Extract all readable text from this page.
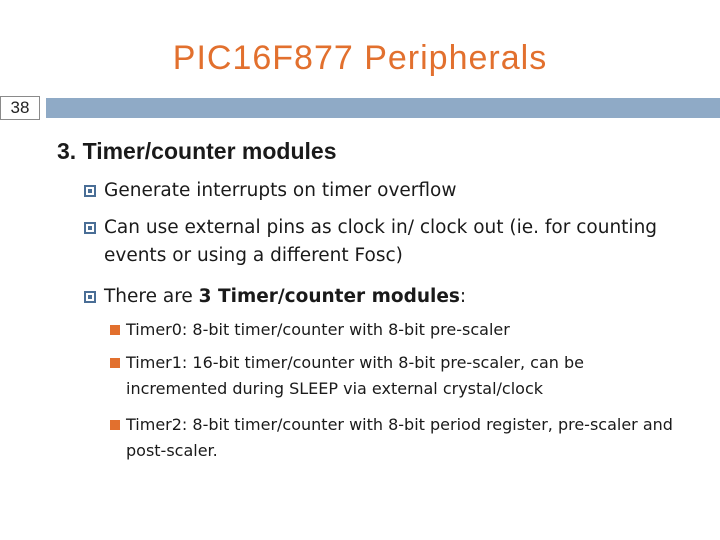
PIC16F877 Peripherals
38
3. Timer/counter modules
Generate interrupts on timer overflow
Can use external pins as clock in/ clock out (ie. for counting events or using a different Fosc)
There are 3 Timer/counter modules:
Timer0: 8-bit timer/counter with 8-bit pre-scaler
Timer1: 16-bit timer/counter with 8-bit pre-scaler, can be incremented during SLEEP via external crystal/clock
Timer2: 8-bit timer/counter with 8-bit period register, pre-scaler and post-scaler.
